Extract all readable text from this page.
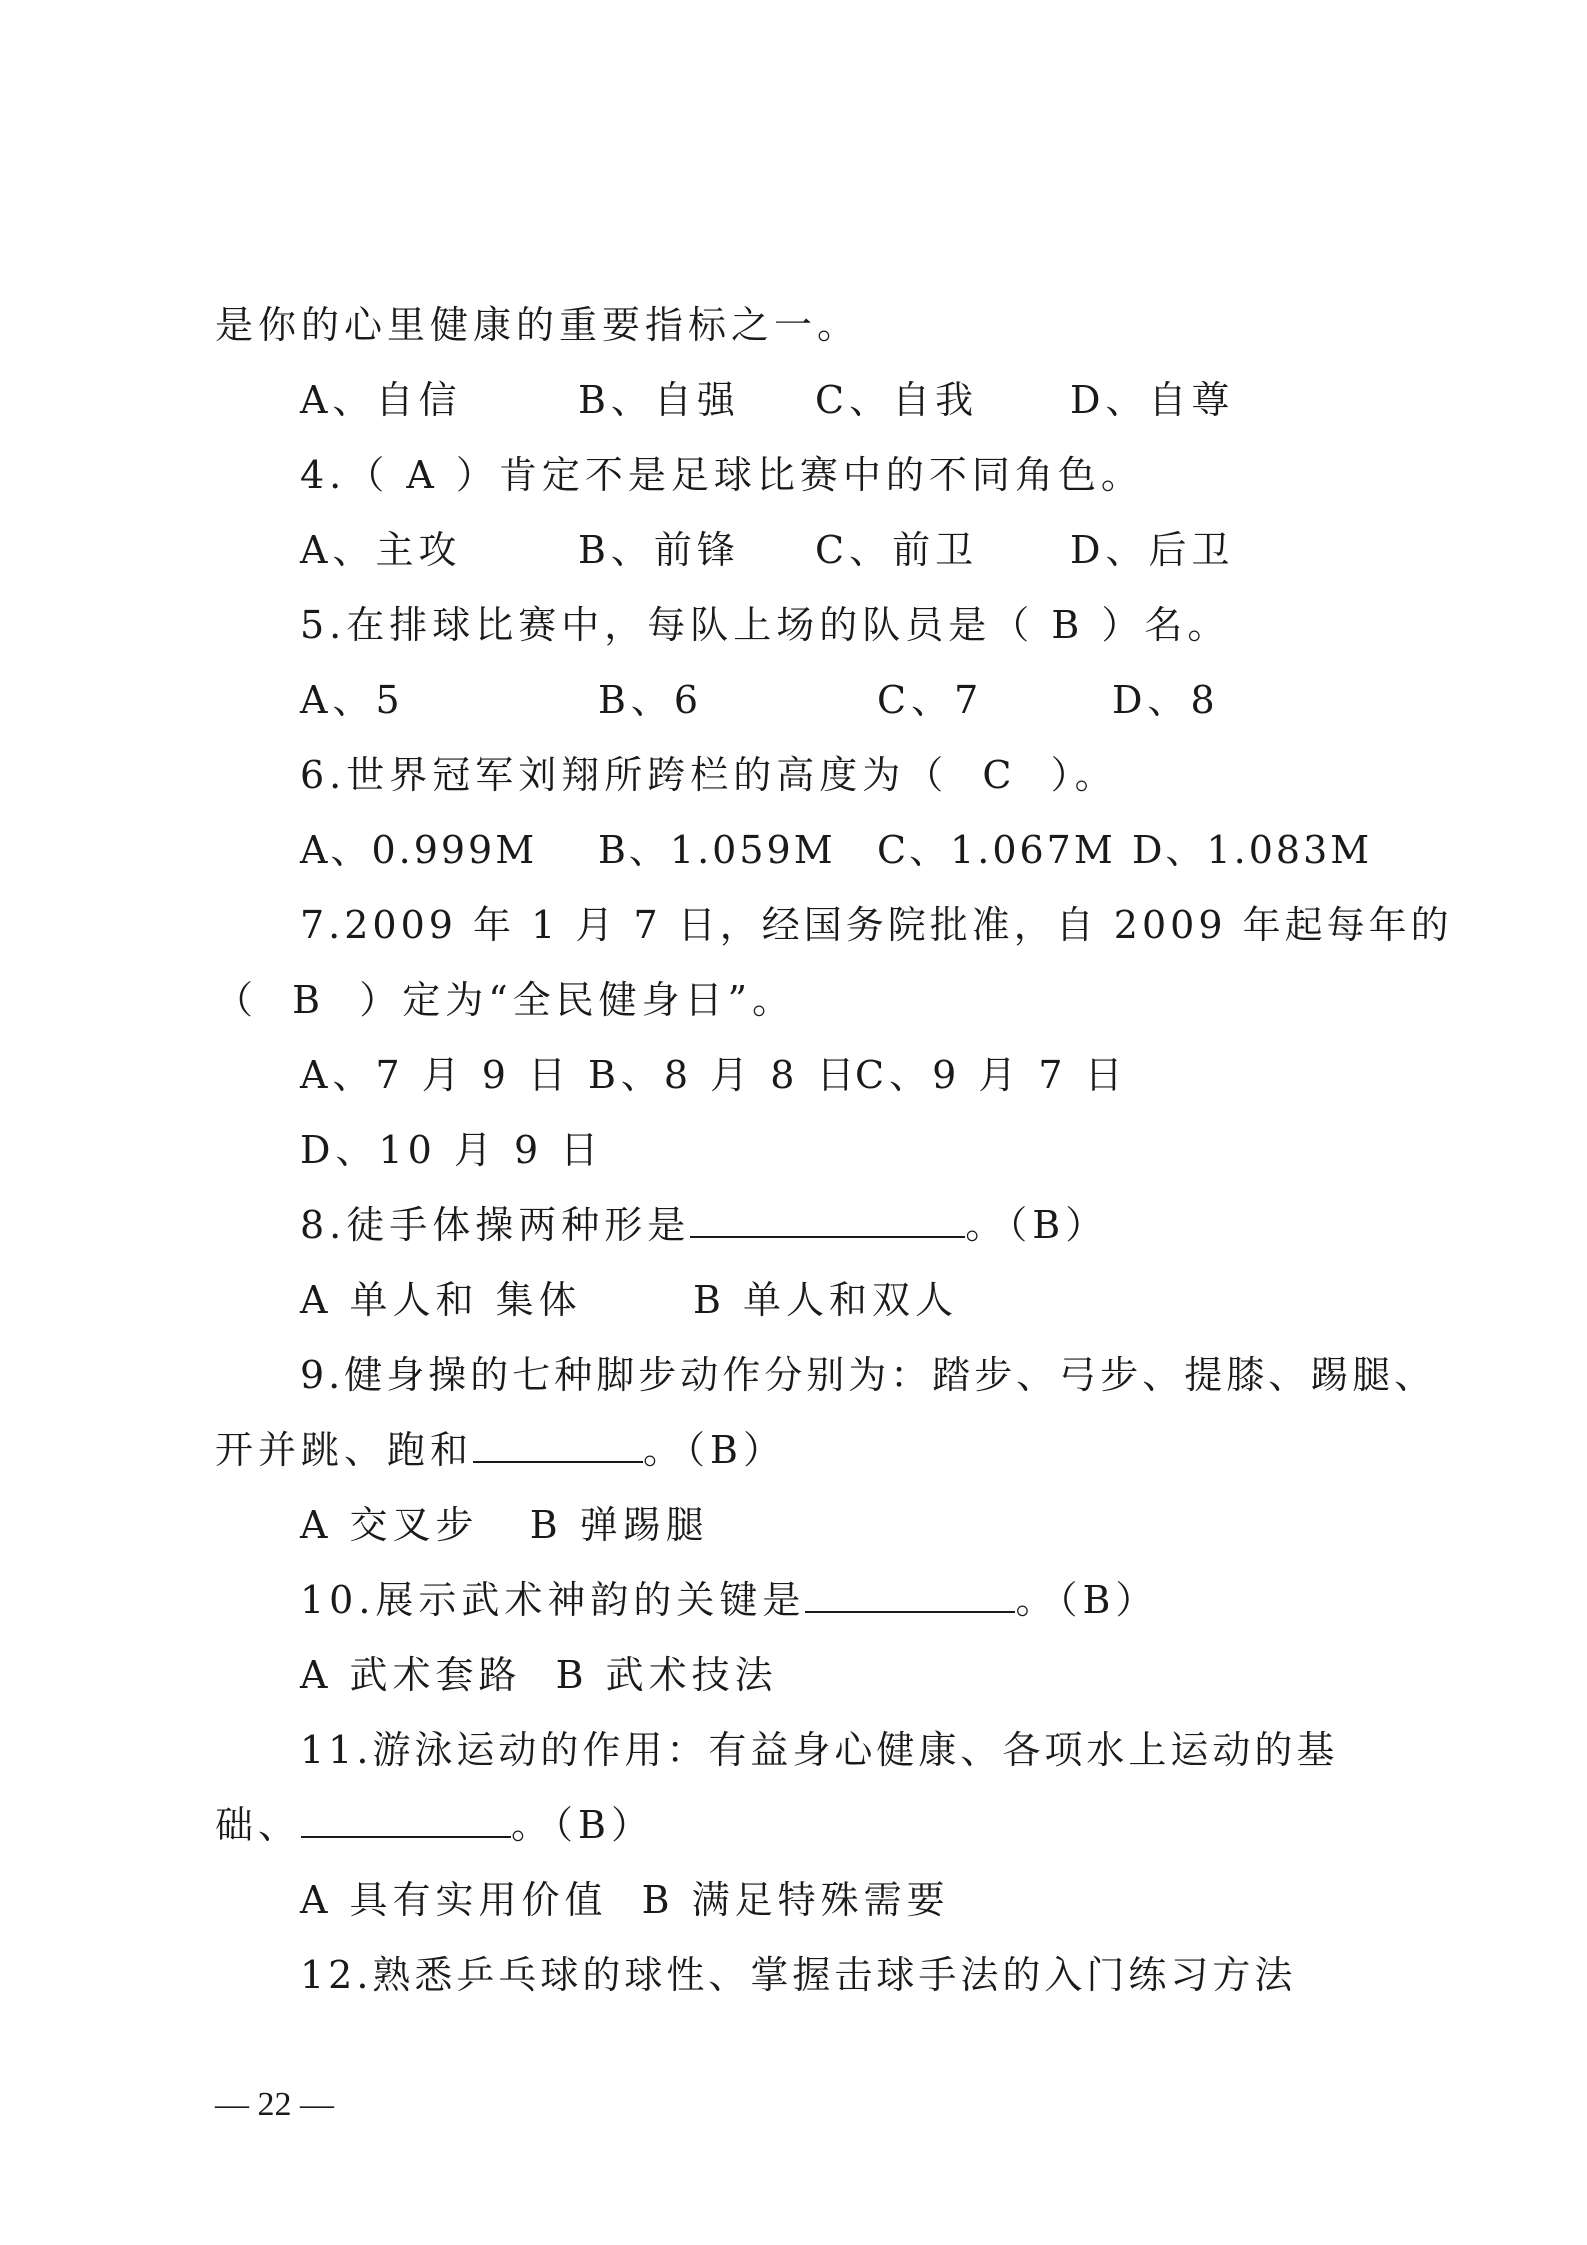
是你的心里健康的重要指标之一。

A、自信

	B、自强

C、自我

D、自尊

4.（ A ）肯定不是足球比赛中的不同角色。

A、主攻

	B、前锋

C、前卫

D、后卫

5.在排球比赛中，每队上场的队员是（ B ）名。

A、5

	B、6

	C、7

	D、8

6.世界冠军刘翔所跨栏的高度为（  C  ）。

A、0.999M

B、1.059M

C、1.067M

D、1.083M

7.2009 年 1 月 7 日，经国务院批准，自 2009 年起每年的
（  B  ）定为“全民健身日”。

A、7 月 9 日

B、8 月 8 日

C、9 月 7 日

D、10 月 9 日
8.徒手体操两种形是	。（B）

A 单人和 集体

	B 单人和双人

9.健身操的七种脚步动作分别为：踏步、弓步、提膝、踢腿、
开并跳、跑和	。（B）
A 交叉步   B 弹踢腿
10.展示武术神韵的关键是	。（B）
A 武术套路  B 武术技法
11.游泳运动的作用：有益身心健康、各项水上运动的基
础、	。（B）
A 具有实用价值  B 满足特殊需要
12.熟悉乒乓球的球性、掌握击球手法的入门练习方法
— 22 —
